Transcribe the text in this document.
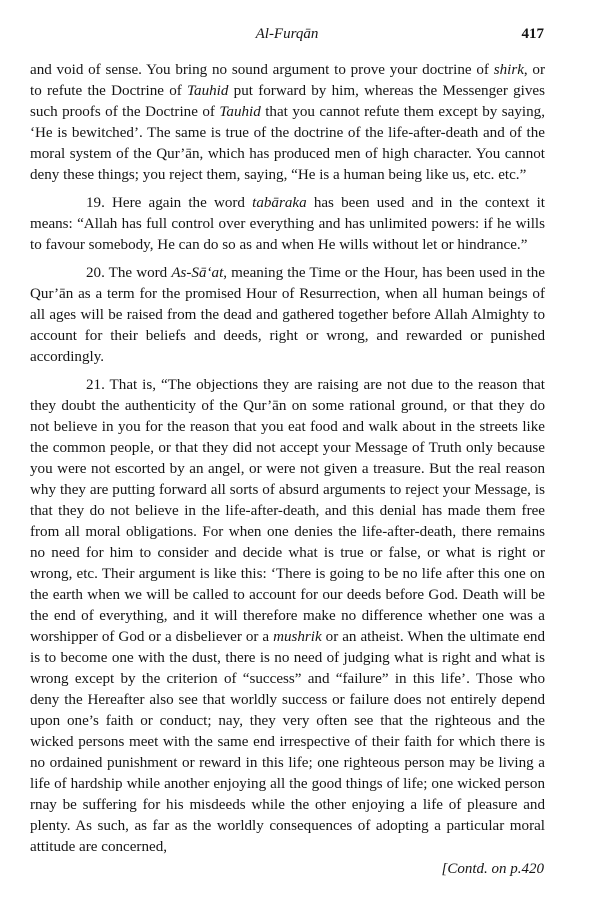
Al-Furqān	417

and void of sense. You bring no sound argument to prove your doctrine of shirk, or to refute the Doctrine of Tauhid put forward by him, whereas the Messenger gives such proofs of the Doctrine of Tauhid that you cannot refute them except by saying, ‘He is bewitched’. The same is true of the doctrine of the life-after-death and of the moral system of the Qur’ān, which has produced men of high character. You cannot deny these things; you reject them, saying, “He is a human being like us, etc. etc.”

19. Here again the word tabāraka has been used and in the context it means: “Allah has full control over everything and has unlimited powers: if he wills to favour somebody, He can do so as and when He wills without let or hindrance.”

20. The word As-Sā‘at, meaning the Time or the Hour, has been used in the Qur’ān as a term for the promised Hour of Resurrection, when all human beings of all ages will be raised from the dead and gathered together before Allah Almighty to account for their beliefs and deeds, right or wrong, and rewarded or punished accordingly.

21. That is, “The objections they are raising are not due to the reason that they doubt the authenticity of the Qur’ān on some rational ground, or that they do not believe in you for the reason that you eat food and walk about in the streets like the common people, or that they did not accept your Message of Truth only because you were not escorted by an angel, or were not given a treasure. But the real reason why they are putting forward all sorts of absurd arguments to reject your Message, is that they do not believe in the life-after-death, and this denial has made them free from all moral obligations. For when one denies the life-after-death, there remains no need for him to consider and decide what is true or false, or what is right or wrong, etc. Their argument is like this: ‘There is going to be no life after this one on the earth when we will be called to account for our deeds before God. Death will be the end of everything, and it will therefore make no difference whether one was a worshipper of God or a disbeliever or a mushrik or an atheist. When the ultimate end is to become one with the dust, there is no need of judging what is right and what is wrong except by the criterion of “success” and “failure” in this life’. Those who deny the Hereafter also see that worldly success or failure does not entirely depend upon one’s faith or conduct; nay, they very often see that the righteous and the wicked persons meet with the same end irrespective of their faith for which there is no ordained punishment or reward in this life; one righteous person may be living a life of hardship while another enjoying all the good things of life; one wicked person rnay be suffering for his misdeeds while the other enjoying a life of pleasure and plenty. As such, as far as the worldly consequences of adopting a particular moral attitude are concerned,

[Contd. on p.420
